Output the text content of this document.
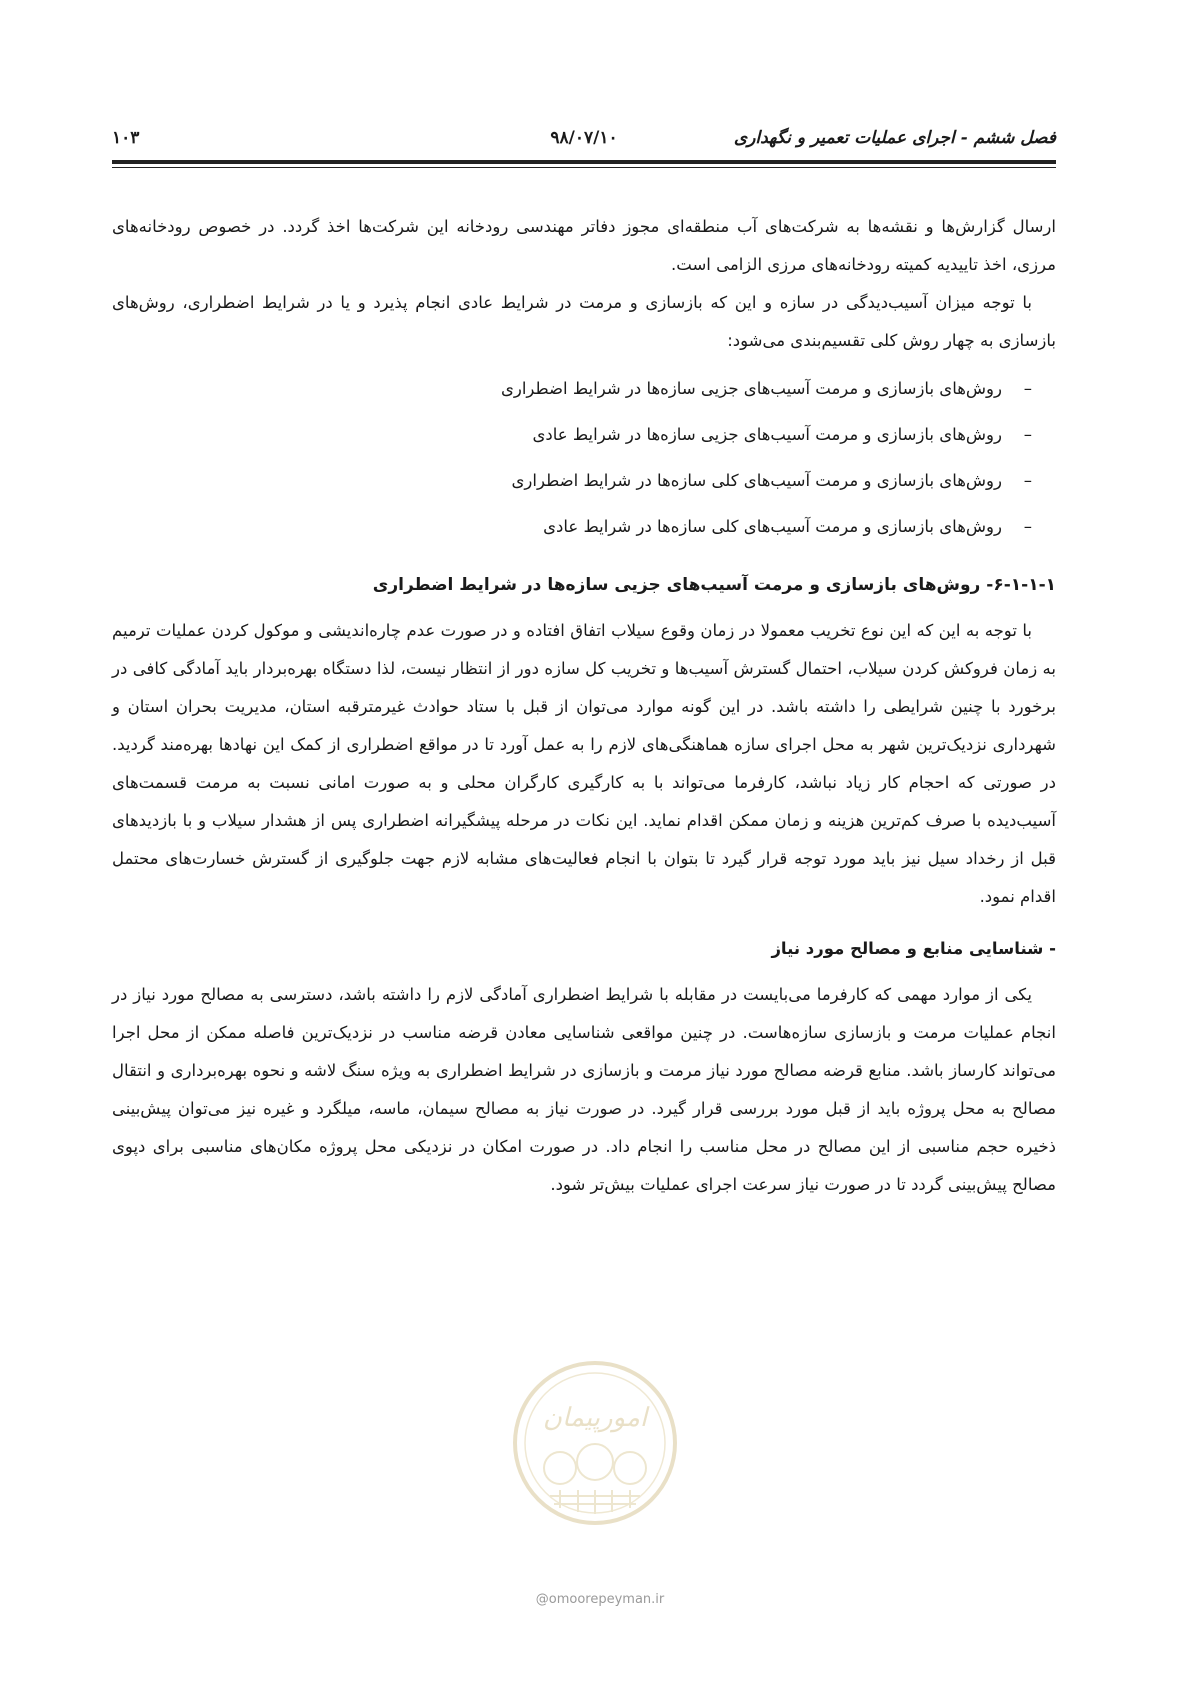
فصل ششم - اجرای عملیات تعمیر و نگهداری
۹۸/۰۷/۱۰
۱۰۳

ارسال گزارش‌ها و نقشه‌ها به شرکت‌های آب منطقه‌ای مجوز دفاتر مهندسی رودخانه این شرکت‌ها اخذ گردد. در خصوص رودخانه‌های مرزی، اخذ تاییدیه کمیته رودخانه‌های مرزی الزامی است.

با توجه میزان آسیب‌دیدگی در سازه و این که بازسازی و مرمت در شرایط عادی انجام پذیرد و یا در شرایط اضطراری، روش‌های بازسازی به چهار روش کلی تقسیم‌بندی می‌شود:

–روش‌های بازسازی و مرمت آسیب‌های جزیی سازه‌ها در شرایط اضطراری
–روش‌های بازسازی و مرمت آسیب‌های جزیی سازه‌ها در شرایط عادی
–روش‌های بازسازی و مرمت آسیب‌های کلی سازه‌ها در شرایط اضطراری
–روش‌های بازسازی و مرمت آسیب‌های کلی سازه‌ها در شرایط عادی
۶-۱-۱-۱- روش‌های بازسازی و مرمت آسیب‌های جزیی سازه‌ها در شرایط اضطراری

با توجه به این که این نوع تخریب معمولا در زمان وقوع سیلاب اتفاق افتاده و در صورت عدم چاره‌اندیشی و موکول کردن عملیات ترمیم به زمان فروکش کردن سیلاب، احتمال گسترش آسیب‌ها و تخریب کل سازه دور از انتظار نیست، لذا دستگاه بهره‌بردار باید آمادگی کافی در برخورد با چنین شرایطی را داشته باشد. در این گونه موارد می‌توان از قبل با ستاد حوادث غیرمترقبه استان، مدیریت بحران استان و شهرداری نزدیک‌ترین شهر به محل اجرای سازه هماهنگی‌های لازم را به عمل آورد تا در مواقع اضطراری از کمک این نهادها بهره‌مند گردید. در صورتی که احجام کار زیاد نباشد، کارفرما می‌تواند با به کارگیری کارگران محلی و به صورت امانی نسبت به مرمت قسمت‌های آسیب‌دیده با صرف کم‌ترین هزینه و زمان ممکن اقدام نماید. این نکات در مرحله پیشگیرانه اضطراری پس از هشدار سیلاب و با بازدیدهای قبل از رخداد سیل نیز باید مورد توجه قرار گیرد تا بتوان با انجام فعالیت‌های مشابه لازم جهت جلوگیری از گسترش خسارت‌های محتمل اقدام نمود.

- شناسایی منابع و مصالح مورد نیاز

یکی از موارد مهمی که کارفرما می‌بایست در مقابله با شرایط اضطراری آمادگی لازم را داشته باشد، دسترسی به مصالح مورد نیاز در انجام عملیات مرمت و بازسازی سازه‌هاست. در چنین مواقعی شناسایی معادن قرضه مناسب در نزدیک‌ترین فاصله ممکن از محل اجرا می‌تواند کارساز باشد. منابع قرضه مصالح مورد نیاز مرمت و بازسازی در شرایط اضطراری به ویژه سنگ لاشه و نحوه بهره‌برداری و انتقال مصالح به محل پروژه باید از قبل مورد بررسی قرار گیرد. در صورت نیاز به مصالح سیمان، ماسه، میلگرد و غیره نیز می‌توان پیش‌بینی ذخیره حجم مناسبی از این مصالح در محل مناسب را انجام داد. در صورت امکان در نزدیکی محل پروژه مکان‌های مناسبی برای دپوی مصالح پیش‌بینی گردد تا در صورت نیاز سرعت اجرای عملیات بیش‌تر شود.

امورپیمان
@omoorepeyman.ir
